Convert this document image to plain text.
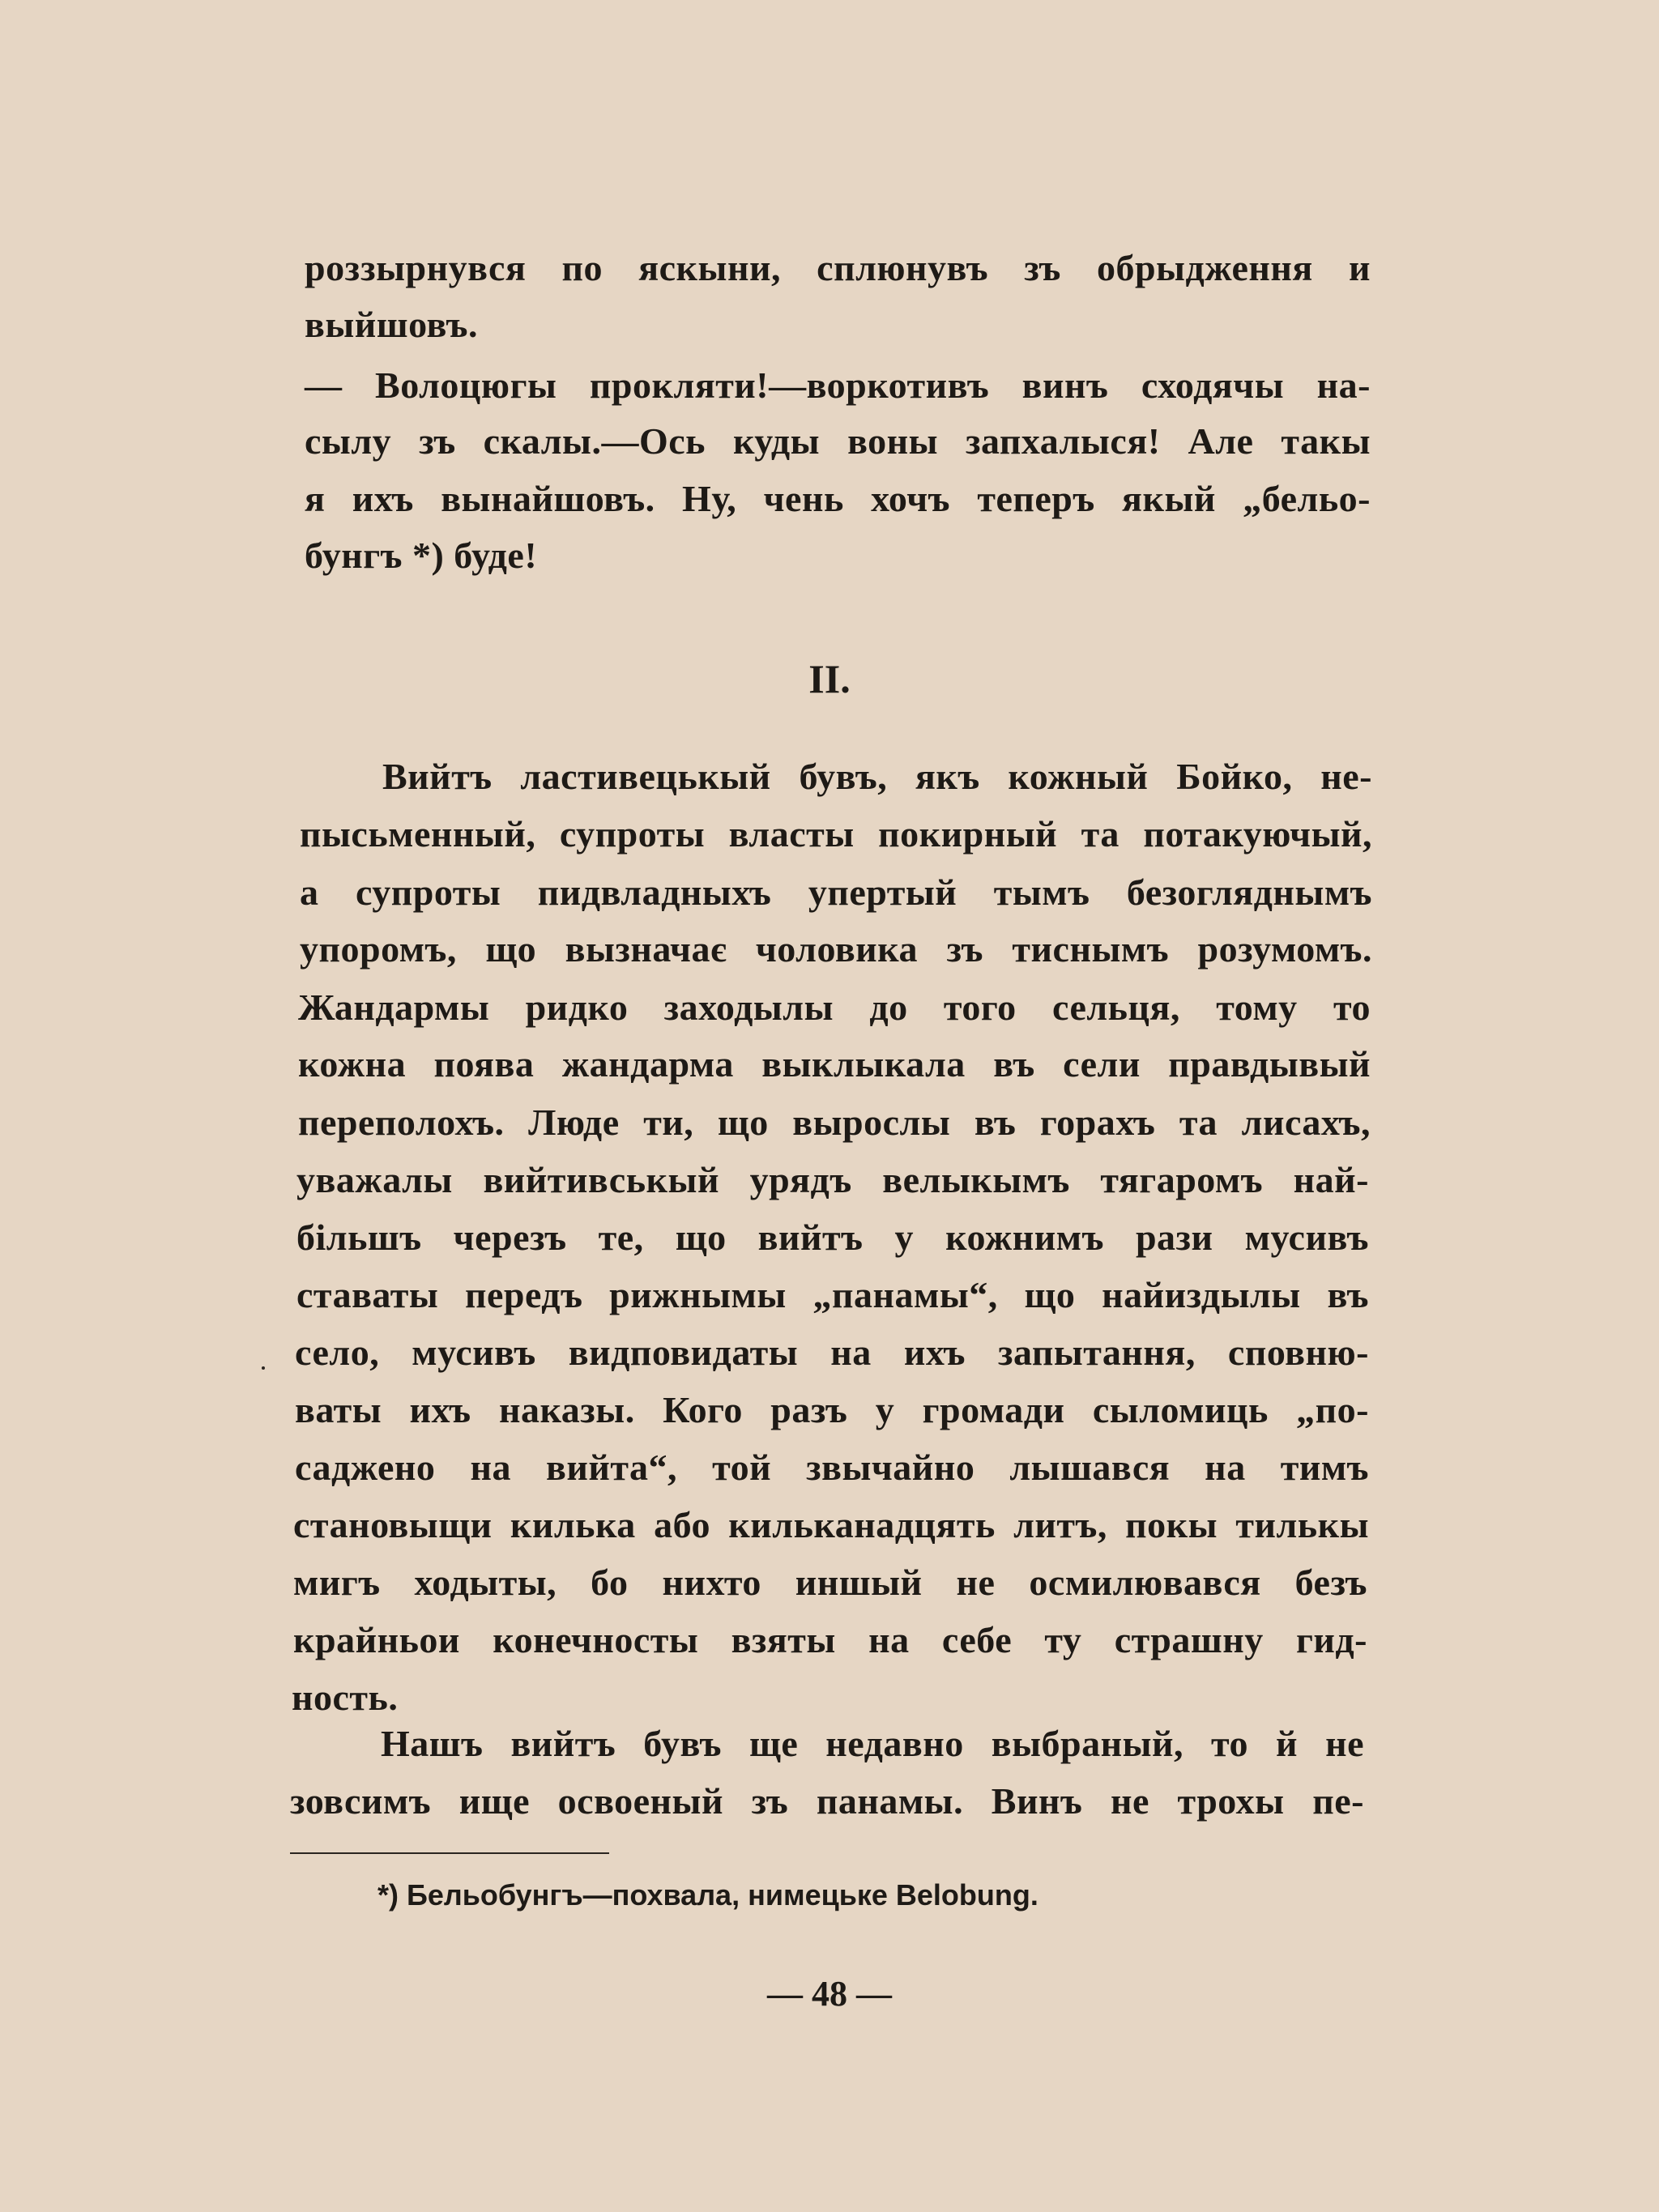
роззырнувся по яскыни, сплюнувъ зъ обрыдження и
выйшовъ.
— Волоцюгы прокляти!—воркотивъ винъ сходячы на-
сылу зъ скалы.—Ось куды воны запхалыся! Але такы
я ихъ вынайшовъ. Ну, чень хочъ теперъ якый „бельо-
бунгъ *) буде!
II.
Вийтъ ластивецькый бувъ, якъ кожный Бойко, не-
пысьменный, супроты власты покирный та потакуючый,
а супроты пидвладныхъ упертый тымъ безогляднымъ
упоромъ, що вызначає чоловика зъ тиснымъ розумомъ.
Жандармы ридко заходылы до того сельця, тому то
кожна поява жандарма выклыкала въ сели правдывый
переполохъ. Люде ти, що вырослы въ горахъ та лисахъ,
уважалы вийтивськый урядъ велыкымъ тягаромъ най-
більшъ черезъ те, що вийтъ у кожнимъ рази мусивъ
ставаты передъ рижнымы „панамы“, що найиздылы въ
село, мусивъ видповидаты на ихъ запытання, сповню-
ваты ихъ наказы. Кого разъ у громади сыломиць „по-
саджено на вийта“, той звычайно лышався на тимъ
становыщи килька або кильканадцять литъ, покы тилькы
мигъ ходыты, бо нихто иншый не осмилювався безъ
крайньои конечносты взяты на себе ту страшну гид-
ность.
Нашъ вийтъ бувъ ще недавно выбраный, то й не
зовсимъ ище освоеный зъ панамы. Винъ не трохы пе-
*) Бельобунгъ—похвала, нимецьке Belobung.
— 48 —
